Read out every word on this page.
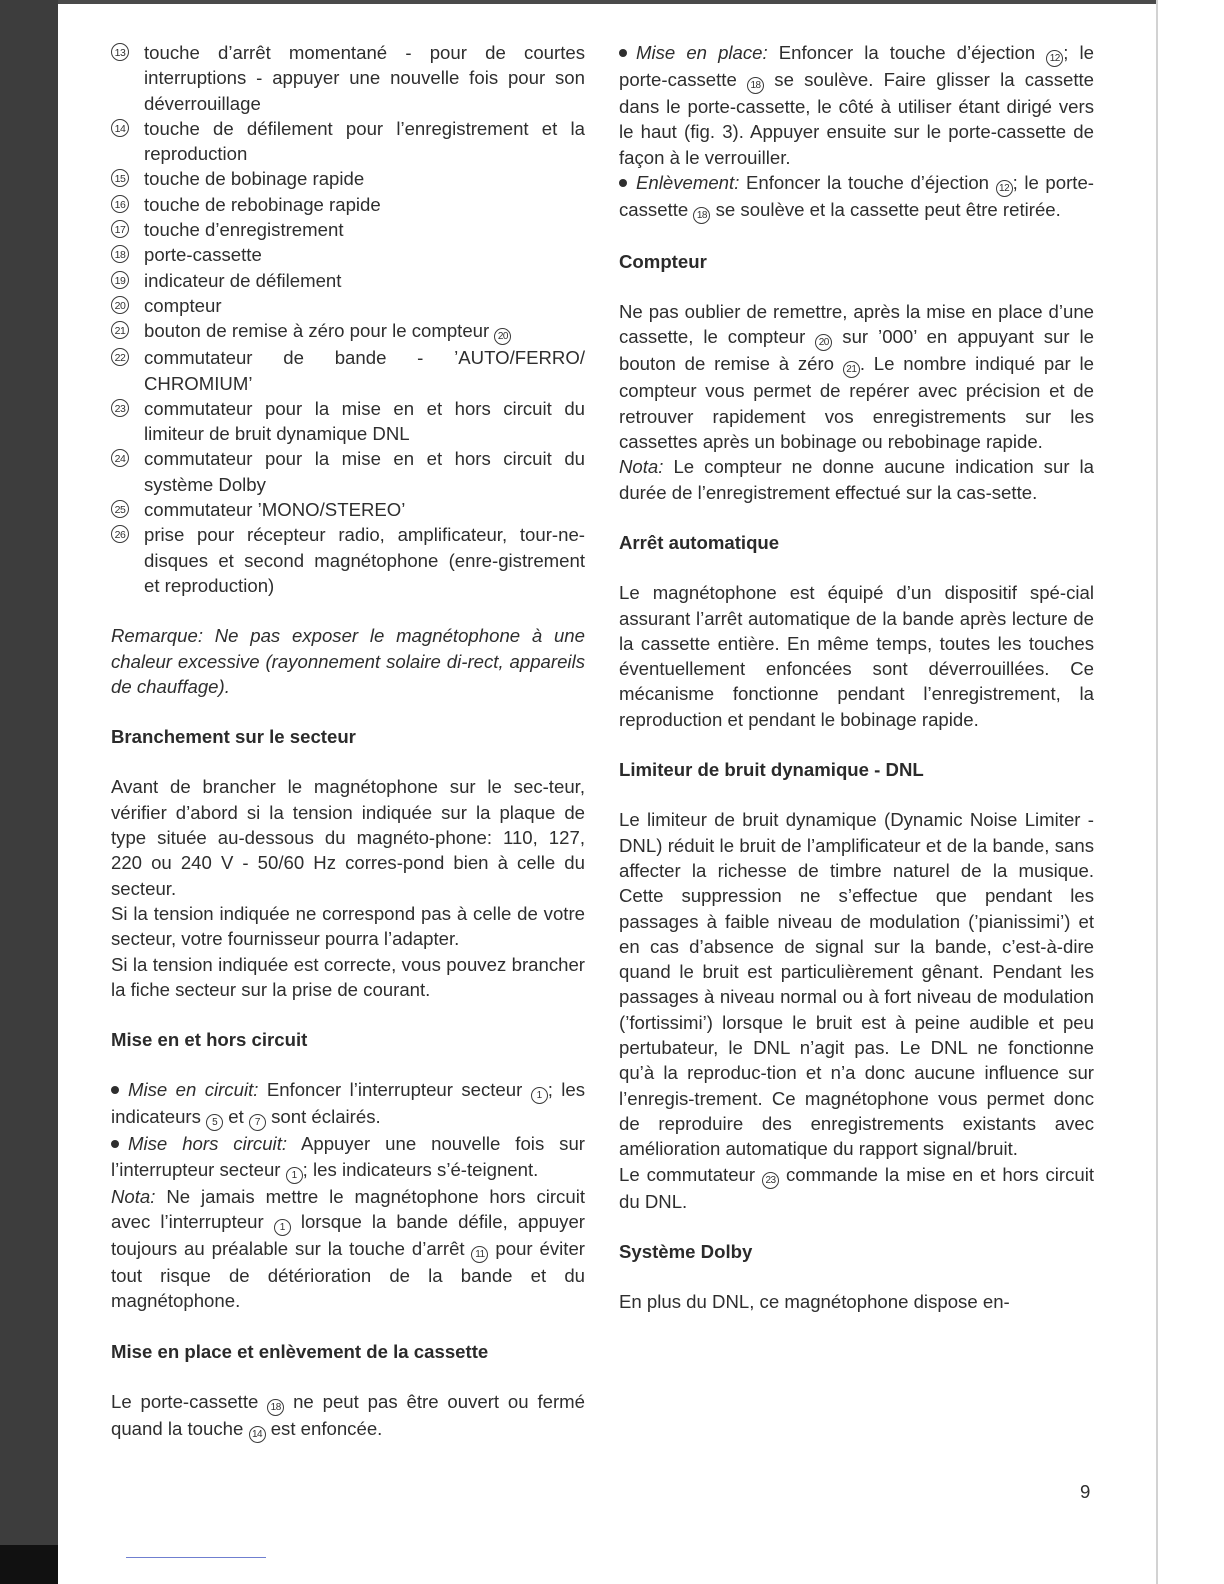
13 touche d’arrêt momentané - pour de courtes interruptions - appuyer une nouvelle fois pour son déverrouillage
14 touche de défilement pour l’enregistrement et la reproduction
15 touche de bobinage rapide
16 touche de rebobinage rapide
17 touche d’enregistrement
18 porte-cassette
19 indicateur de défilement
20 compteur
21 bouton de remise à zéro pour le compteur 20
22 commutateur de bande - ’AUTO/FERRO/ CHROMIUM’
23 commutateur pour la mise en et hors circuit du limiteur de bruit dynamique DNL
24 commutateur pour la mise en et hors circuit du système Dolby
25 commutateur ’MONO/STEREO’
26 prise pour récepteur radio, amplificateur, tour-ne-disques et second magnétophone (enre-gistrement et reproduction)

Remarque: Ne pas exposer le magnétophone à une chaleur excessive (rayonnement solaire di-rect, appareils de chauffage).

Branchement sur le secteur

Avant de brancher le magnétophone sur le sec-teur, vérifier d’abord si la tension indiquée sur la plaque de type située au-dessous du magnéto-phone: 110, 127, 220 ou 240 V - 50/60 Hz corres-pond bien à celle du secteur.

Si la tension indiquée ne correspond pas à celle de votre secteur, votre fournisseur pourra l’adapter.

Si la tension indiquée est correcte, vous pouvez brancher la fiche secteur sur la prise de courant.

Mise en et hors circuit

Mise en circuit: Enfoncer l’interrupteur secteur 1 ; les indicateurs 5 et 7 sont éclairés.

Mise hors circuit: Appuyer une nouvelle fois sur l’interrupteur secteur 1 ; les indicateurs s’é-teignent.

Nota: Ne jamais mettre le magnétophone hors circuit avec l’interrupteur 1 lorsque la bande défile, appuyer toujours au préalable sur la touche d’arrêt 11 pour éviter tout risque de détérioration de la bande et du magnétophone.

Mise en place et enlèvement de la cassette

Le porte-cassette 18 ne peut pas être ouvert ou fermé quand la touche 14 est enfoncée.

Mise en place: Enfoncer la touche d’éjection 12 ; le porte-cassette 18 se soulève. Faire glisser la cassette dans le porte-cassette, le côté à utiliser étant dirigé vers le haut (fig. 3). Appuyer ensuite sur le porte-cassette de façon à le verrouiller.

Enlèvement: Enfoncer la touche d’éjection 12 ; le porte-cassette 18 se soulève et la cassette peut être retirée.

Compteur

Ne pas oublier de remettre, après la mise en place d’une cassette, le compteur 20 sur ’000’ en appuyant sur le bouton de remise à zéro 21 . Le nombre indiqué par le compteur vous permet de repérer avec précision et de retrouver rapidement vos enregistrements sur les cassettes après un bobinage ou rebobinage rapide.

Nota: Le compteur ne donne aucune indication sur la durée de l’enregistrement effectué sur la cas-sette.

Arrêt automatique

Le magnétophone est équipé d’un dispositif spé-cial assurant l’arrêt automatique de la bande après lecture de la cassette entière. En même temps, toutes les touches éventuellement enfoncées sont déverrouillées. Ce mécanisme fonctionne pendant l’enregistrement, la reproduction et pendant le bobinage rapide.

Limiteur de bruit dynamique - DNL

Le limiteur de bruit dynamique (Dynamic Noise Limiter - DNL) réduit le bruit de l’amplificateur et de la bande, sans affecter la richesse de timbre naturel de la musique. Cette suppression ne s’effectue que pendant les passages à faible niveau de modulation (’pianissimi’) et en cas d’absence de signal sur la bande, c’est-à-dire quand le bruit est particulièrement gênant. Pendant les passages à niveau normal ou à fort niveau de modulation (’fortissimi’) lorsque le bruit est à peine audible et peu pertubateur, le DNL n’agit pas. Le DNL ne fonctionne qu’à la reproduc-tion et n’a donc aucune influence sur l’enregis-trement. Ce magnétophone vous permet donc de reproduire des enregistrements existants avec amélioration automatique du rapport signal/bruit.

Le commutateur 23 commande la mise en et hors circuit du DNL.

Système Dolby

En plus du DNL, ce magnétophone dispose en-

9
